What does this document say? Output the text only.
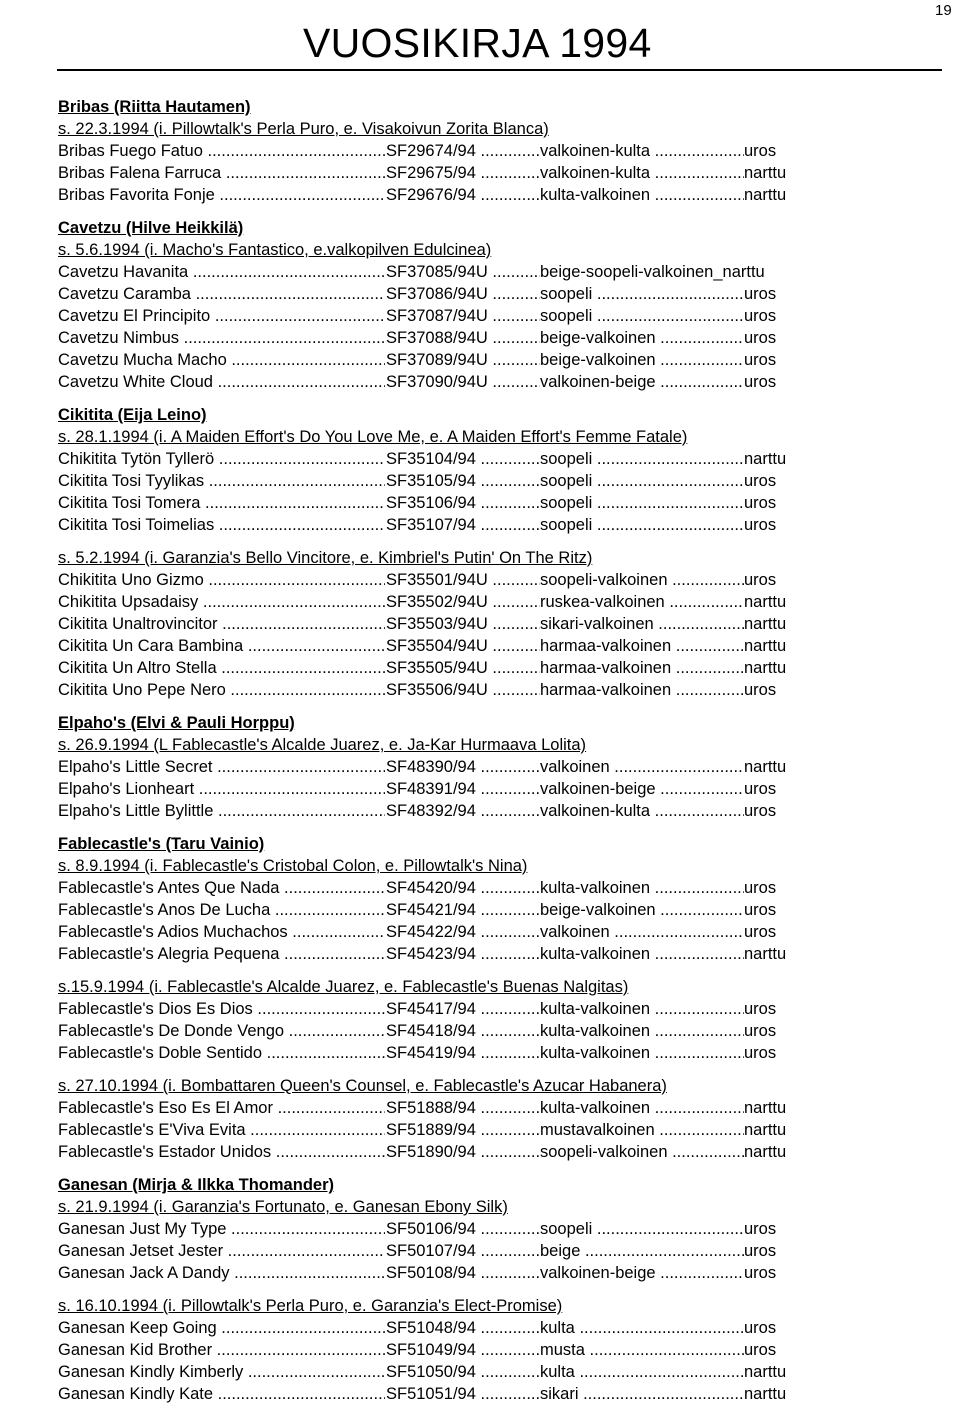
VUOSIKIRJA 1994
19
Bribas (Riitta Hautamen)
s. 22.3.1994 (i. Pillowtalk's Perla Puro, e. Visakoivun Zorita Blanca)
Bribas Fuego Fatuo .....	SF29674/94 .....	valkoinen-kulta .....	uros
Bribas Falena Farruca .....	SF29675/94 .....	valkoinen-kulta .....	narttu
Bribas Favorita Fonje .....	SF29676/94 .....	kulta-valkoinen .....	narttu
Cavetzu (Hilve Heikkilä)
s. 5.6.1994 (i. Macho's Fantastico, e.valkopilven Edulcinea)
Cavetzu Havanita .....	SF37085/94U .....	beige-soopeli-valkoinen_narttu
Cavetzu Caramba .....	SF37086/94U .....	soopeli .....	uros
Cavetzu El Principito .....	SF37087/94U .....	soopeli .....	uros
Cavetzu Nimbus .....	SF37088/94U .....	beige-valkoinen .....	uros
Cavetzu Mucha Macho .....	SF37089/94U .....	beige-valkoinen .....	uros
Cavetzu White Cloud .....	SF37090/94U .....	valkoinen-beige .....	uros
Cikitita (Eija Leino)
s. 28.1.1994 (i. A Maiden Effort's Do You Love Me, e. A Maiden Effort's Femme Fatale)
Chikitita Tytön Tyllerö .....	SF35104/94 .....	soopeli .....	narttu
Cikitita Tosi Tyylikas .....	SF35105/94 .....	soopeli .....	uros
Cikitita Tosi Tomera .....	SF35106/94 .....	soopeli .....	uros
Cikitita Tosi Toimelias .....	SF35107/94 .....	soopeli .....	uros
s. 5.2.1994 (i. Garanzia's Bello Vincitore, e. Kimbriel's Putin' On The Ritz)
Chikitita Uno Gizmo .....	SF35501/94U .....	soopeli-valkoinen .....	uros
Chikitita Upsadaisy .....	SF35502/94U .....	ruskea-valkoinen .....	narttu
Cikitita Unaltrovincitor .....	SF35503/94U .....	sikari-valkoinen .....	narttu
Cikitita Un Cara Bambina .....	SF35504/94U .....	harmaa-valkoinen .....	narttu
Cikitita Un Altro Stella .....	SF35505/94U .....	harmaa-valkoinen .....	narttu
Cikitita Uno Pepe Nero .....	SF35506/94U .....	harmaa-valkoinen .....	uros
Elpaho's (Elvi & Pauli Horppu)
s. 26.9.1994 (L Fablecastle's Alcalde Juarez, e. Ja-Kar Hurmaava Lolita)
Elpaho's Little Secret .....	SF48390/94 .....	valkoinen .....	narttu
Elpaho's Lionheart .....	SF48391/94 .....	valkoinen-beige .....	uros
Elpaho's Little Bylittle .....	SF48392/94 .....	valkoinen-kulta .....	uros
Fablecastle's (Taru Vainio)
s. 8.9.1994 (i. Fablecastle's Cristobal Colon, e. Pillowtalk's Nina)
Fablecastle's Antes Que Nada .....	SF45420/94 .....	kulta-valkoinen .....	uros
Fablecastle's Anos De Lucha .....	SF45421/94 .....	beige-valkoinen .....	uros
Fablecastle's Adios Muchachos .....	SF45422/94 .....	valkoinen .....	uros
Fablecastle's Alegria Pequena .....	SF45423/94 .....	kulta-valkoinen .....	narttu
s.15.9.1994 (i. Fablecastle's Alcalde Juarez, e. Fablecastle's Buenas Nalgitas)
Fablecastle's Dios Es Dios .....	SF45417/94 .....	kulta-valkoinen .....	uros
Fablecastle's De Donde Vengo .....	SF45418/94 .....	kulta-valkoinen .....	uros
Fablecastle's Doble Sentido .....	SF45419/94 .....	kulta-valkoinen .....	uros
s. 27.10.1994 (i. Bombattaren Queen's Counsel, e. Fablecastle's Azucar Habanera)
Fablecastle's Eso Es El Amor .....	SF51888/94 .....	kulta-valkoinen .....	narttu
Fablecastle's E'Viva Evita .....	SF51889/94 .....	mustavalkoinen .....	narttu
Fablecastle's Estador Unidos .....	SF51890/94 .....	soopeli-valkoinen .....	narttu
Ganesan (Mirja & Ilkka Thomander)
s. 21.9.1994 (i. Garanzia's Fortunato, e. Ganesan Ebony Silk)
Ganesan Just My Type .....	SF50106/94 .....	soopeli .....	uros
Ganesan Jetset Jester .....	SF50107/94 .....	beige .....	uros
Ganesan Jack A Dandy .....	SF50108/94 .....	valkoinen-beige .....	uros
s. 16.10.1994 (i. Pillowtalk's Perla Puro, e. Garanzia's Elect-Promise)
Ganesan Keep Going .....	SF51048/94 .....	kulta .....	uros
Ganesan Kid Brother .....	SF51049/94 .....	musta .....	uros
Ganesan Kindly Kimberly .....	SF51050/94 .....	kulta .....	narttu
Ganesan Kindly Kate .....	SF51051/94 .....	sikari .....	narttu
